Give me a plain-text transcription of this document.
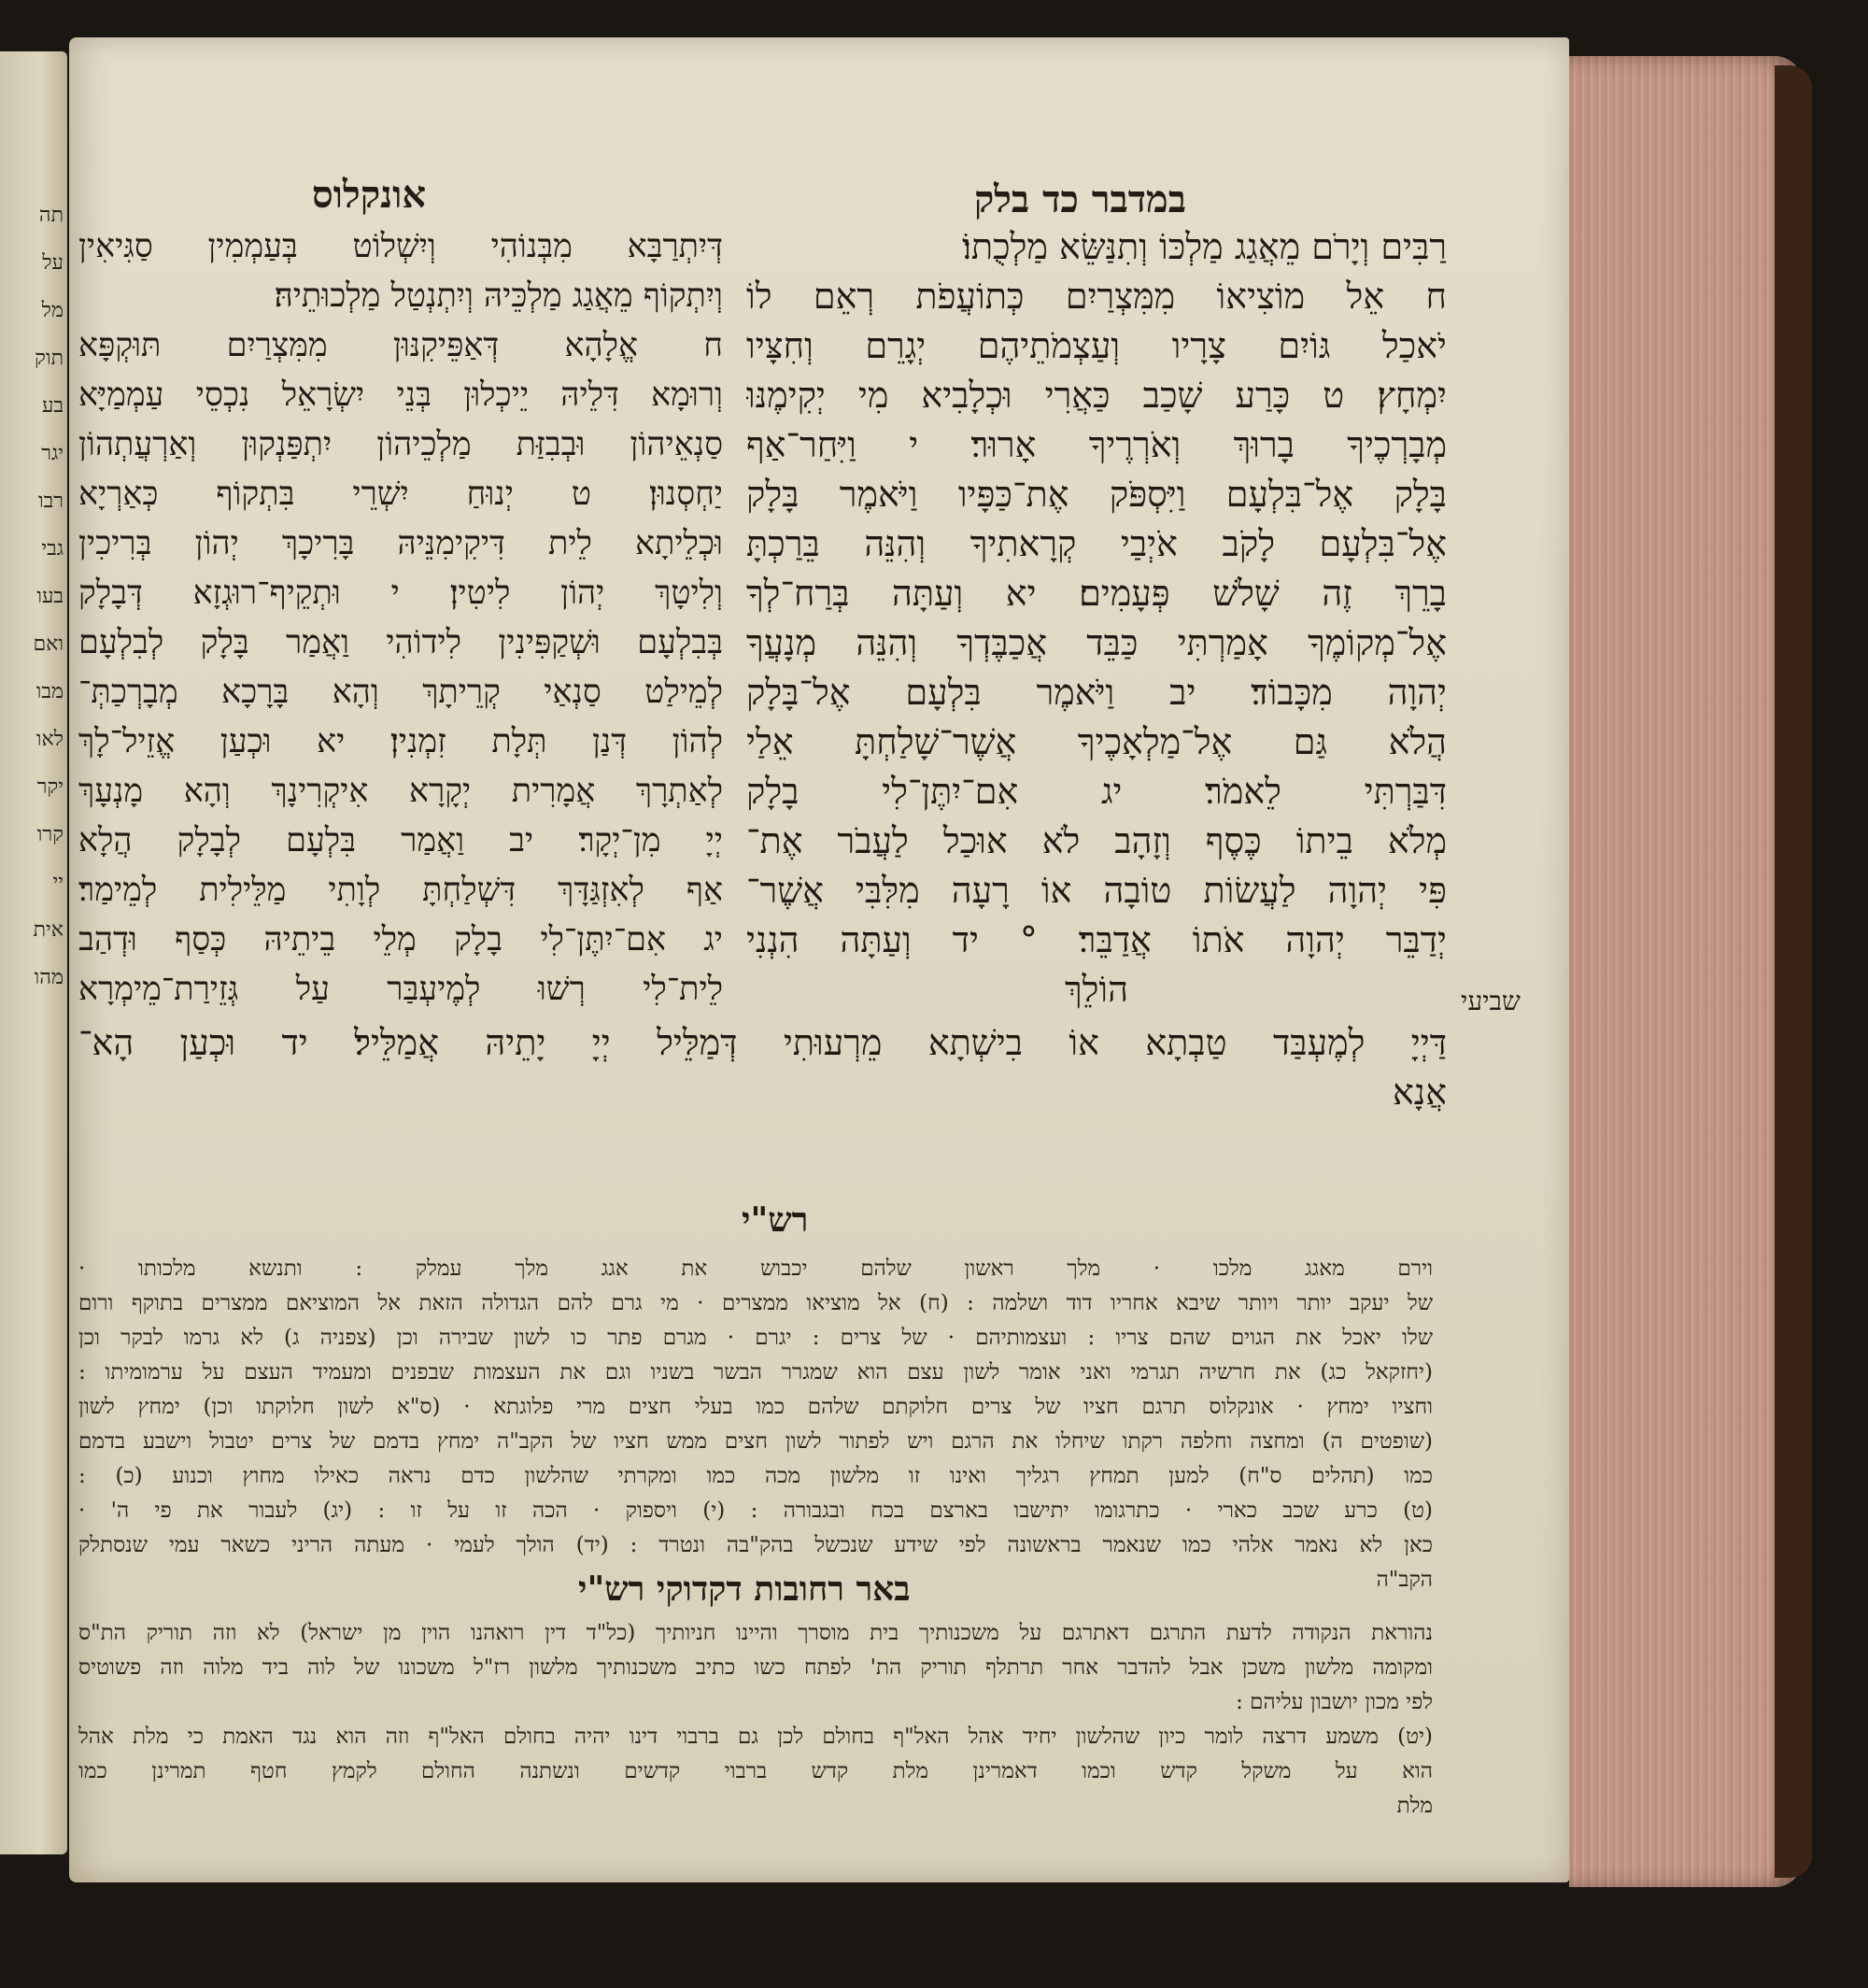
תה
על
מל
תוק
בע
יגר
רבו
גבי
בעו
ואם
מבו
לאו
יקר
קרו
יי
אית
מהו
במדבר כד בלק
אונקלוס
רַבִּים וְיָרֹם מֵאֲגַג מַלְכּוֹ וְתִנַּשֵּׂא מַלְכֻתוֹ׃
ח אֵל מוֹצִיאוֹ מִמִּצְרַיִם כְּתוֹעֲפֹת רְאֵם לוֹ
יֹאכַל גּוֹיִם צָרָיו וְעַצְמֹתֵיהֶם יְגָרֵם וְחִצָּיו
יִמְחָץ׃ ט כָּרַע שָׁכַב כַּאֲרִי וּכְלָבִיא מִי יְקִימֶנּוּ
מְבָרְכֶיךָ בָרוּךְ וְאֹרְרֶיךָ אָרוּר׃ י וַיִּחַר־אַף
בָּלָק אֶל־בִּלְעָם וַיִּסְפֹּק אֶת־כַּפָּיו וַיֹּאמֶר בָּלָק
אֶל־בִּלְעָם לָקֹב אֹיְבַי קְרָאתִיךָ וְהִנֵּה בֵּרַכְתָּ
בָרֵךְ זֶה שָׁלֹשׁ פְּעָמִים׃ יא וְעַתָּה בְּרַח־לְךָ
אֶל־מְקוֹמֶךָ אָמַרְתִּי כַּבֵּד אֲכַבֶּדְךָ וְהִנֵּה מְנָעֲךָ
יְהוָה מִכָּבוֹד׃ יב וַיֹּאמֶר בִּלְעָם אֶל־בָּלָק
הֲלֹא גַּם אֶל־מַלְאָכֶיךָ אֲשֶׁר־שָׁלַחְתָּ אֵלַי
דִּבַּרְתִּי לֵאמֹר׃ יג אִם־יִתֶּן־לִי בָלָק
מְלֹא בֵיתוֹ כֶּסֶף וְזָהָב לֹא אוּכַל לַעֲבֹר אֶת־
פִּי יְהוָה לַעֲשׂוֹת טוֹבָה אוֹ רָעָה מִלִּבִּי אֲשֶׁר־
יְדַבֵּר יְהוָה אֹתוֹ אֲדַבֵּר׃ ° יד וְעַתָּה הִנְנִי
הוֹלֵךְ
דְּיִתְרַבָּא מִבְּנוֹהִי וְיִשְׁלוֹט בְּעַמְמִין סַגִּיאִין
וְיִתְקוֹף מֵאֲגַג מַלְכֵּיהּ וְיִתְנְטַל מַלְכוּתֵיהּ׃
ח אֱלָהָא דְּאַפֵּיקִנּוּן מִמִּצְרַיִם תּוּקְפָּא
וְרוּמָא דִּלֵיהּ יֵיכְלוּן בְּנֵי יִשְׂרָאֵל נִכְסֵי עַמְמַיָּא
סַנְאֵיהוֹן וּבְבִזַּת מַלְכֵיהוֹן יִתְפַּנְקוּן וְאַרְעֲתְהוֹן
יַחְסְנוּן׃ ט יְנוּחַ יִשְׁרֵי בִּתְקוֹף כְּאַרְיָא
וּכְלֵיתָא לֵית דִּיקִימִנֵּיהּ בָּרִיכָךְ יְהוֹן בְּרִיכִין
וְלִיטָךְ יְהוֹן לִיטִין׃ י וּתְקֵיף־רוּגְזָא דְּבָלָק
בְּבִלְעָם וּשְׁקַפִּינִין לִידוֹהִי וַאֲמַר בָּלָק לְבִלְעָם
לְמֵילַט סַנְאַי קְרֵיתָךְ וְהָא בָּרָכָא מְבָרְכַתְּ־
לְהוֹן דְּנַן תְּלָת זִמְנִין׃ יא וּכְעַן אֱזֵיל־לָךְ
לְאַתְרָךְ אֲמָרִית יְקָרָא אִיקְרִינָךְ וְהָא מָנְעָךְ
יְיָ מִן־יְקָר׃ יב וַאֲמַר בִּלְעָם לְבָלָק הֲלָא
אַף לְאִזְגַּדָּךְ דִּשְׁלַחְתָּ לְוָתִי מַלֵּילִית לְמֵימַר׃
יג אִם־יִתֶּן־לִי בָלָק מְלֵי בֵיתֵיהּ כְּסַף וּדְהַב
לֵית־לִי רְשׁוּ לְמֶיעְבַּר עַל גְּזֵירַת־מֵימְרָא
דַּיְיָ לְמֶעְבַּד טַבְתָא אוֹ בִישְׁתָא מֵרְעוּתִי דְּמַלֵּיל יְיָ יָתֵיהּ אֲמַלֵּיל׃ יד וּכְעַן הָא־
אֲנָא
שביעי
רש"י
וירם מאגג מלכו · מלך ראשון שלהם יכבוש את אגג מלך עמלק : ותנשא מלכותו ·
של יעקב יותר ויותר שיבא אחריו דוד ושלמה : (ח) אל מוציאו ממצרים · מי גרם להם הגדולה הזאת אל המוציאם ממצרים בתוקף ורום
שלו יאכל את הגוים שהם צריו : ועצמותיהם · של צרים : יגרם · מגרם פתר כו לשון שבירה וכן (צפניה ג) לא גרמו לבקר וכן
(יחזקאל כג) את חרשיה תגרמי ואני אומר לשון עצם הוא שמגרר הבשר בשניו וגם את העצמות שבפנים ומעמיד העצם על ערמומיתו :
וחציו ימחץ · אונקלוס תרגם חציו של צרים חלוקתם שלהם כמו בעלי חצים מרי פלוגתא · (ס"א לשון חלוקתו וכן) ימחץ לשון
(שופטים ה) ומחצה וחלפה רקתו שיחלו את הרגם ויש לפתור לשון חצים ממש חציו של הקב"ה ימחץ בדמם של צרים יטבול וישבע בדמם
כמו (תהלים ס"ח) למען תמחץ רגליך ואינו זו מלשון מכה כמו ומקרתי שהלשון כדם נראה כאילו מחוץ וכנוע (כ) :
(ט) כרע שכב כארי · כתרגומו יתישבו בארצם בכח ובגבורה : (י) ויספוק · הכה זו על זו : (יג) לעבור את פי ה' ·
כאן לא נאמר אלהי כמו שנאמר בראשונה לפי שידע שנכשל בהק"בה ונטרד : (יד) הולך לעמי · מעתה הריני כשאר עמי שנסתלק
הקב"ה
באר רחובות דקדוקי רש"י
נהוראת הנקודה לדעת התרגם דאתרגם על משכנותיך בית מוסרך והיינו חניותיך (כל"ד דין רואהנו הוין מן ישראל) לא וזה תוריק הת"ס
ומקומה מלשון משכן אבל להדבר אחר תרתלף תוריק הת' לפתח כשו כתיב משכנותיך מלשון רז"ל משכונו של לוה ביד מלוה וזה פשוטיס
לפי מכון יושבון עליהם :
(יט) משמע דרצה לומר כיון שהלשון יחיד אהל האל"ף בחולם לכן גם ברבוי דינו יהיה בחולם האל"ף וזה הוא נגד האמת כי מלת אהל
הוא על משקל קדש וכמו דאמרינן מלת קדש ברבוי קדשים ונשתנה החולם לקמץ חטף תמרינן כמו
מלת
